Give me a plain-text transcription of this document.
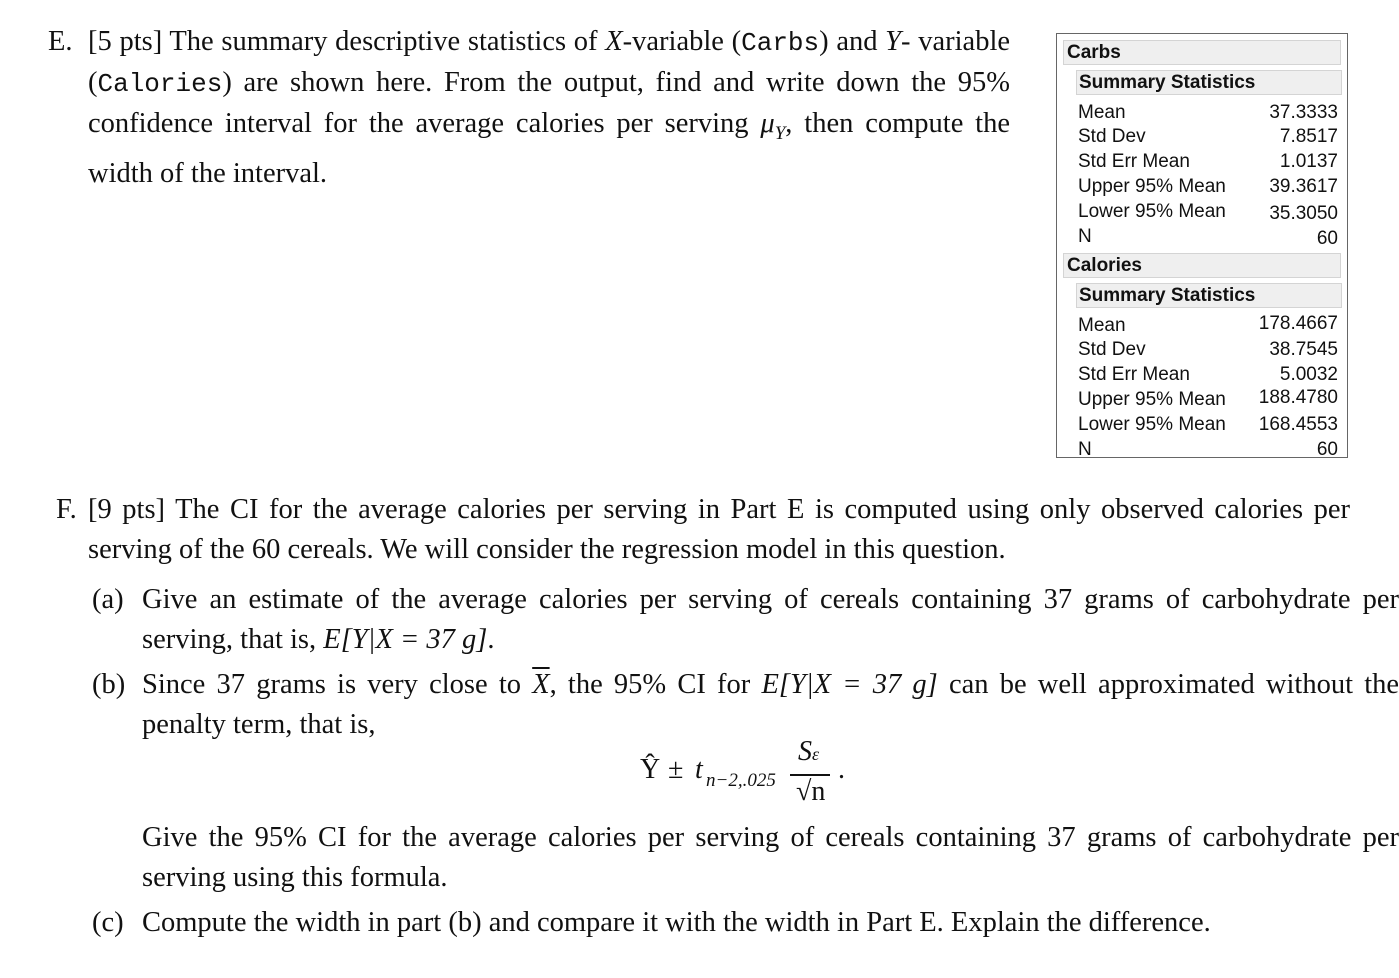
E. [5 pts] The summary descriptive statistics of X-variable (Carbs) and Y- variable (Calories) are shown here. From the output, find and write down the 95% confidence interval for the average calories per serving $\mu_Y$, then compute the width of the interval.
Carbs
Summary Statistics
Mean	37.3333
Std Dev	7.8517
Std Err Mean	1.0137
Upper 95% Mean 39.3617
Lower 95% Mean 35.3050
N	60
Calories
Summary Statistics
Mean	178.4667
Std Dev	38.7545
Std Err Mean	5.0032
Upper 95% Mean 188.4780
Lower 95% Mean 168.4553
N	60
F. [9 pts] The CI for the average calories per serving in Part E is computed using only observed calories per serving of the 60 cereals. We will consider the regression model in this question.
(a) Give an estimate of the average calories per serving of cereals containing 37 grams of carbohydrate per serving, that is, E[Y|X = 37 g].
(b) Since 37 grams is very close to $\overline{X}$, the 95% CI for E[Y|X = 37 g] can be well approximated without the penalty term, that is,
Ŷ ± t n−2,.025
Sε
√n
.
Give the 95% CI for the average calories per serving of cereals containing 37 grams of carbohydrate per serving using this formula.
(c) Compute the width in part (b) and compare it with the width in Part E. Explain the difference.
